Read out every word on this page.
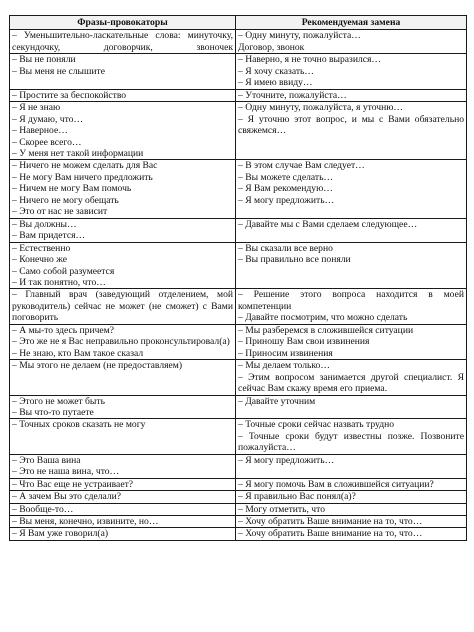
Фразы-провокаторы	Рекомендуемая замена

– Уменьшительно-ласкательные слова: минуточку, секундочку, договорчик, звоночек	– Одну минуту, пожалуйста…
Договор, звонок

– Вы не поняли
– Вы меня не слышите	– Наверно, я не точно выразился…
– Я хочу сказать…
– Я имею ввиду…

– Простите за беспокойство	– Уточните, пожалуйста…

– Я не знаю
– Я думаю, что…
– Наверное…
– Скорее всего…
– У меня нет такой информации	– Одну минуту, пожалуйста, я уточню…
– Я уточню этот вопрос, и мы с Вами обязательно свяжемся…

– Ничего не можем сделать для Вас
– Не могу Вам ничего предложить
– Ничем не могу Вам помочь
– Ничего не могу обещать
– Это от нас не зависит	– В этом случае Вам следует…
– Вы можете сделать…
– Я Вам рекомендую…
– Я могу предложить…

– Вы должны…
– Вам придется…	– Давайте мы с Вами сделаем следующее…

– Естественно
– Конечно же
– Само собой разумеется
– И так понятно, что…	– Вы сказали все верно
– Вы правильно все поняли

– Главный врач (заведующий отделением, мой руководитель) сейчас не может (не сможет) с Вами поговорить	– Решение этого вопроса находится в моей компетенции
– Давайте посмотрим, что можно сделать

– А мы-то здесь причем?
– Это же не я Вас неправильно проконсультировал(а)
– Не знаю, кто Вам такое сказал	– Мы разберемся в сложившейся ситуации
– Приношу Вам свои извинения
– Приносим извинения

– Мы этого не делаем (не предоставляем)	– Мы делаем только…
– Этим вопросом занимается другой специалист. Я сейчас Вам скажу время его приема.

– Этого не может быть
– Вы что-то путаете	– Давайте уточним

– Точных сроков сказать не могу	– Точные сроки сейчас назвать трудно
– Точные сроки будут известны позже. Позвоните пожалуйста…

– Это Ваша вина
– Это не наша вина, что…	– Я могу предложить…

– Что Вас еще не устраивает?	– Я могу помочь Вам в сложившейся ситуации?

– А зачем Вы это сделали?	– Я правильно Вас понял(а)?

– Вообще-то…	– Могу отметить, что

– Вы меня, конечно, извините, но…	– Хочу обратить Ваше внимание на то, что…

– Я Вам уже говорил(а)	– Хочу обратить Ваше внимание на то, что…
